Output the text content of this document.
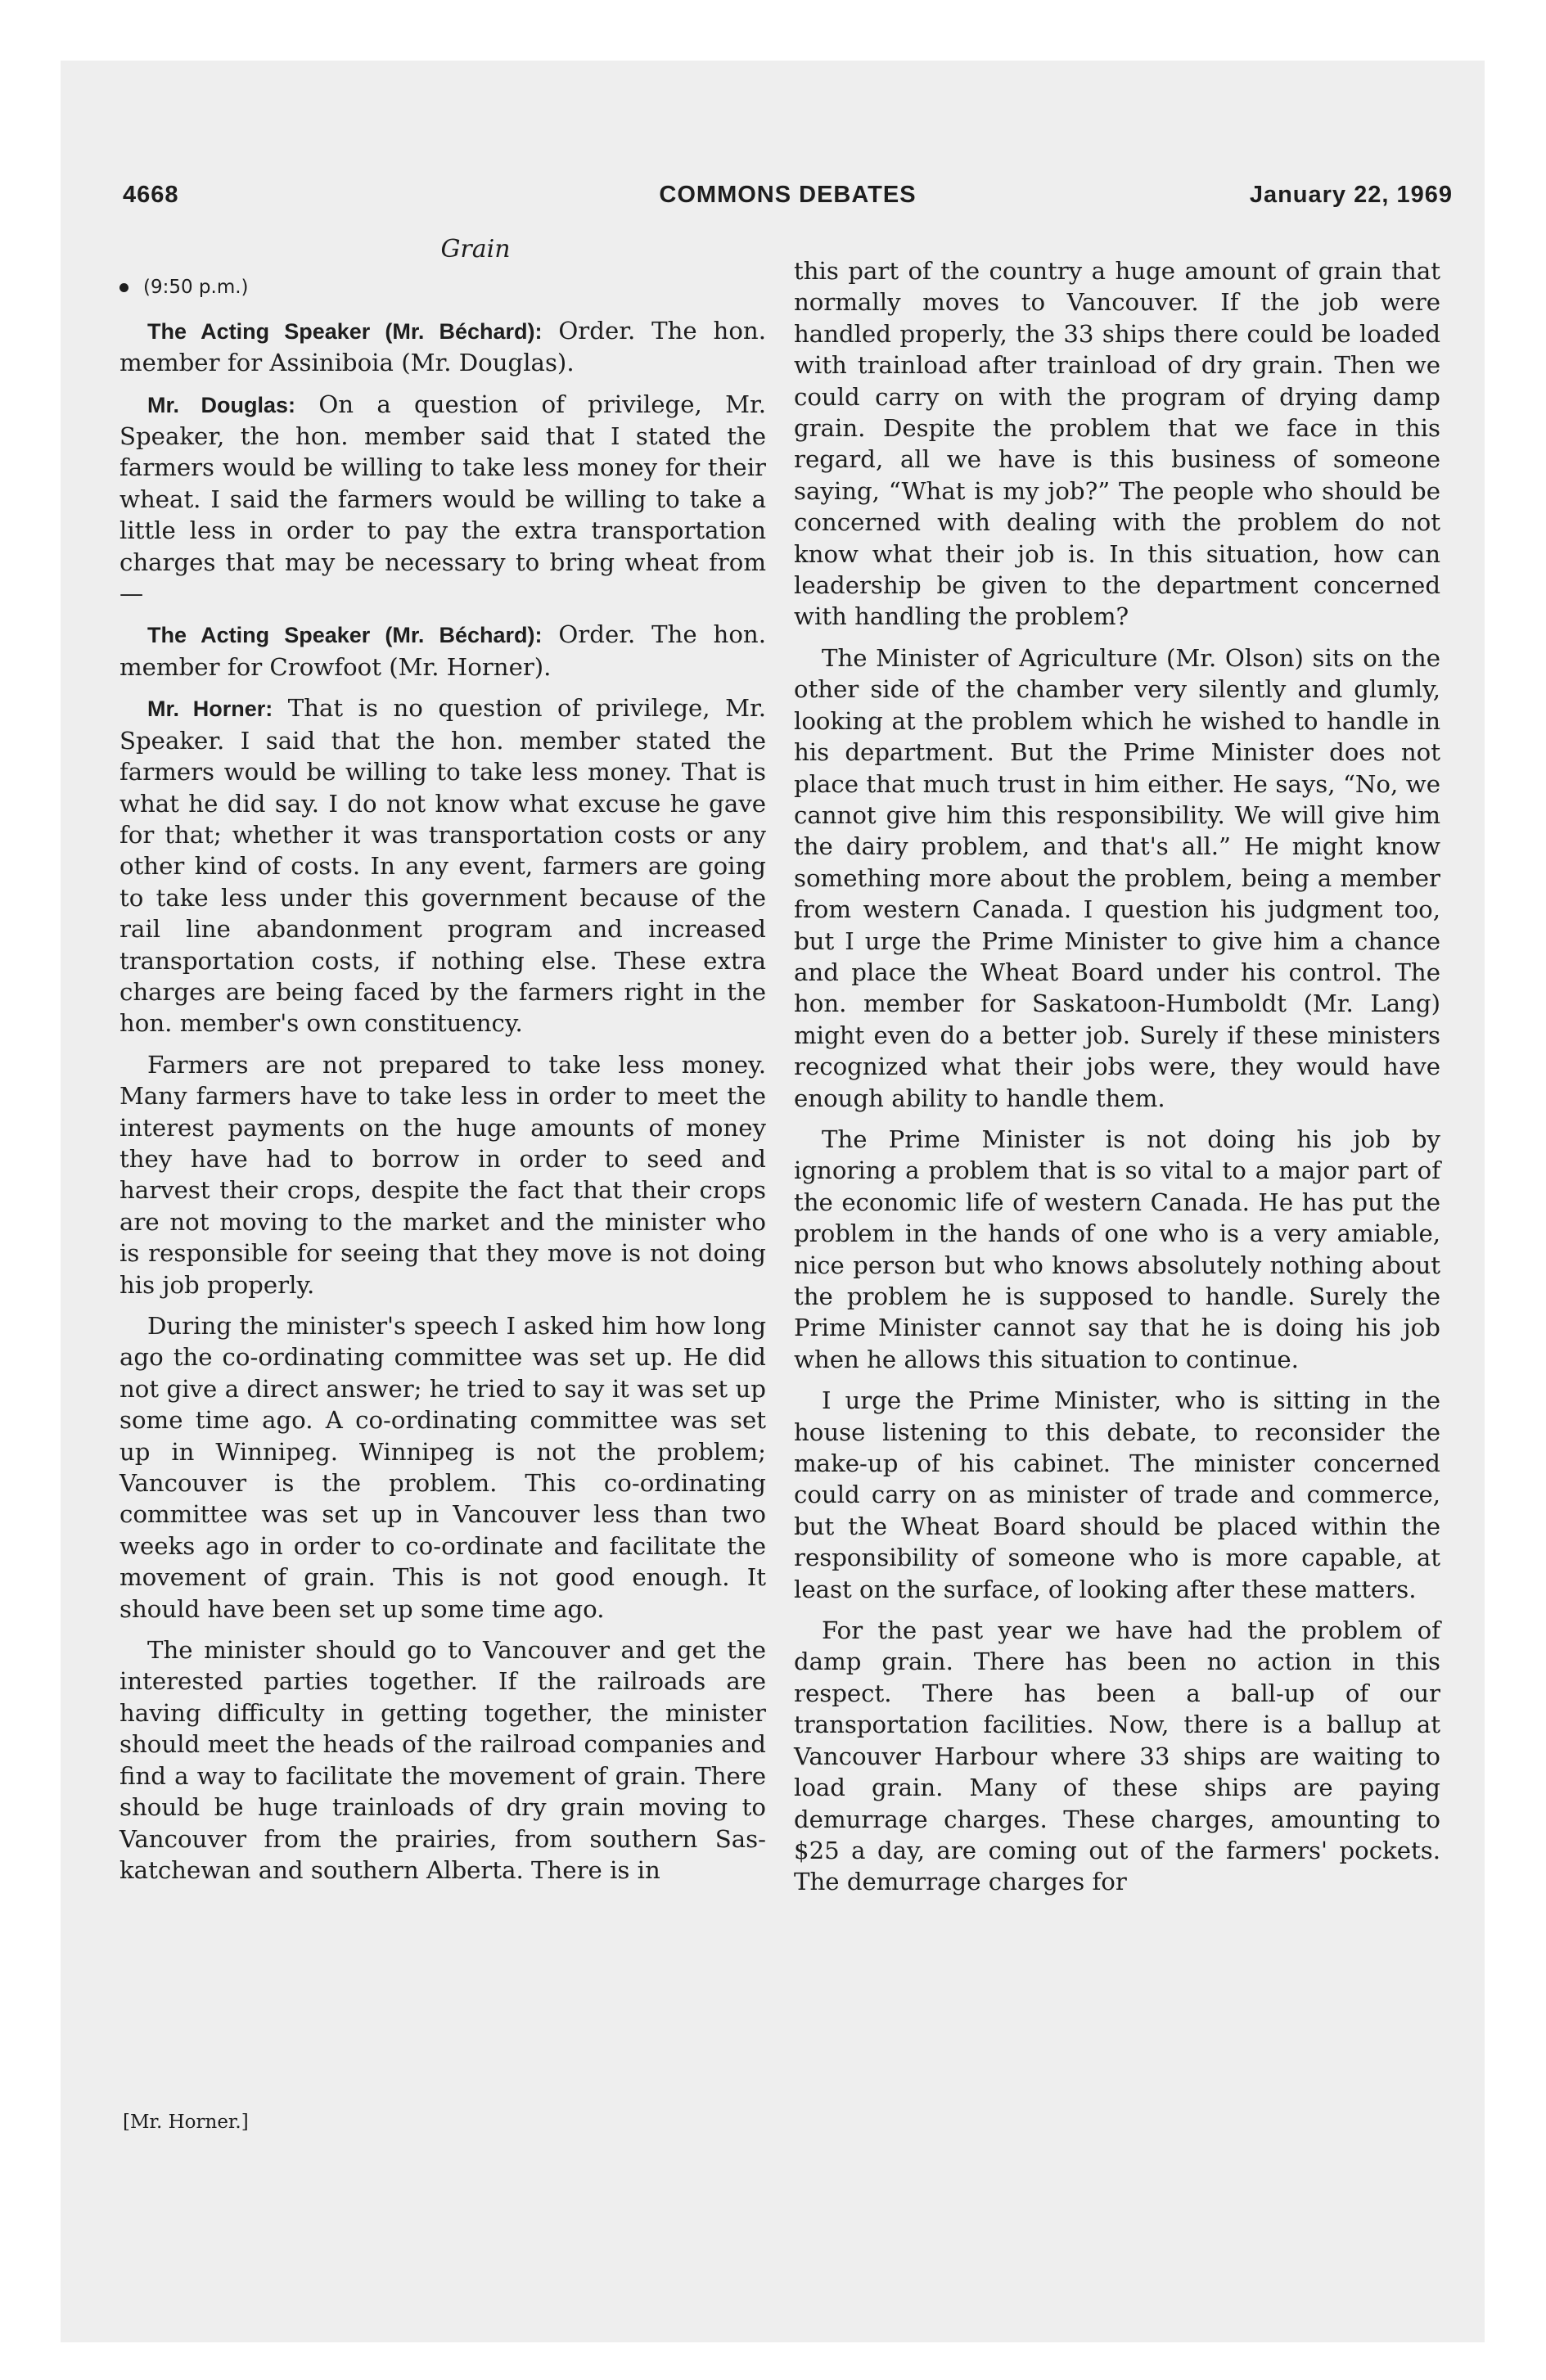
4668	COMMONS DEBATES	January 22, 1969
Grain
(9:50 p.m.)

The Acting Speaker (Mr. Béchard): Order. The hon. member for Assiniboia (Mr. Douglas).

Mr. Douglas: On a question of privilege, Mr. Speaker, the hon. member said that I stated the farmers would be willing to take less money for their wheat. I said the farmers would be willing to take a little less in order to pay the extra transportation charges that may be necessary to bring wheat from—

The Acting Speaker (Mr. Béchard): Order. The hon. member for Crowfoot (Mr. Horner).

Mr. Horner: That is no question of privilege, Mr. Speaker. I said that the hon. member stated the farmers would be willing to take less money. That is what he did say. I do not know what excuse he gave for that; whether it was transportation costs or any other kind of costs. In any event, farmers are going to take less under this government because of the rail line abandonment program and increased transportation costs, if nothing else. These extra charges are being faced by the farmers right in the hon. member's own constituency.

Farmers are not prepared to take less money. Many farmers have to take less in order to meet the interest payments on the huge amounts of money they have had to borrow in order to seed and harvest their crops, despite the fact that their crops are not moving to the market and the minister who is responsible for seeing that they move is not doing his job properly.

During the minister's speech I asked him how long ago the co-ordinating committee was set up. He did not give a direct answer; he tried to say it was set up some time ago. A co-ordinating committee was set up in Winnipeg. Winnipeg is not the problem; Vancouver is the problem. This co-ordinating committee was set up in Vancouver less than two weeks ago in order to co-ordinate and facilitate the movement of grain. This is not good enough. It should have been set up some time ago.

The minister should go to Vancouver and get the interested parties together. If the railroads are having difficulty in getting together, the minister should meet the heads of the railroad companies and find a way to facilitate the movement of grain. There should be huge trainloads of dry grain moving to Vancouver from the prairies, from southern Saskatchewan and southern Alberta. There is in

[Mr. Horner.]

this part of the country a huge amount of grain that normally moves to Vancouver. If the job were handled properly, the 33 ships there could be loaded with trainload after trainload of dry grain. Then we could carry on with the program of drying damp grain. Despite the problem that we face in this regard, all we have is this business of someone saying, “What is my job?” The people who should be concerned with dealing with the problem do not know what their job is. In this situation, how can leadership be given to the department concerned with handling the problem?

The Minister of Agriculture (Mr. Olson) sits on the other side of the chamber very silently and glumly, looking at the problem which he wished to handle in his department. But the Prime Minister does not place that much trust in him either. He says, “No, we cannot give him this responsibility. We will give him the dairy problem, and that's all.” He might know something more about the problem, being a member from western Canada. I question his judgment too, but I urge the Prime Minister to give him a chance and place the Wheat Board under his control. The hon. member for Saskatoon-Humboldt (Mr. Lang) might even do a better job. Surely if these ministers recognized what their jobs were, they would have enough ability to handle them.

The Prime Minister is not doing his job by ignoring a problem that is so vital to a major part of the economic life of western Canada. He has put the problem in the hands of one who is a very amiable, nice person but who knows absolutely nothing about the problem he is supposed to handle. Surely the Prime Minister cannot say that he is doing his job when he allows this situation to continue.

I urge the Prime Minister, who is sitting in the house listening to this debate, to reconsider the make-up of his cabinet. The minister concerned could carry on as minister of trade and commerce, but the Wheat Board should be placed within the responsibility of someone who is more capable, at least on the surface, of looking after these matters.

For the past year we have had the problem of damp grain. There has been no action in this respect. There has been a ball-up of our transportation facilities. Now, there is a ballup at Vancouver Harbour where 33 ships are waiting to load grain. Many of these ships are paying demurrage charges. These charges, amounting to $25 a day, are coming out of the farmers' pockets. The demurrage charges for
